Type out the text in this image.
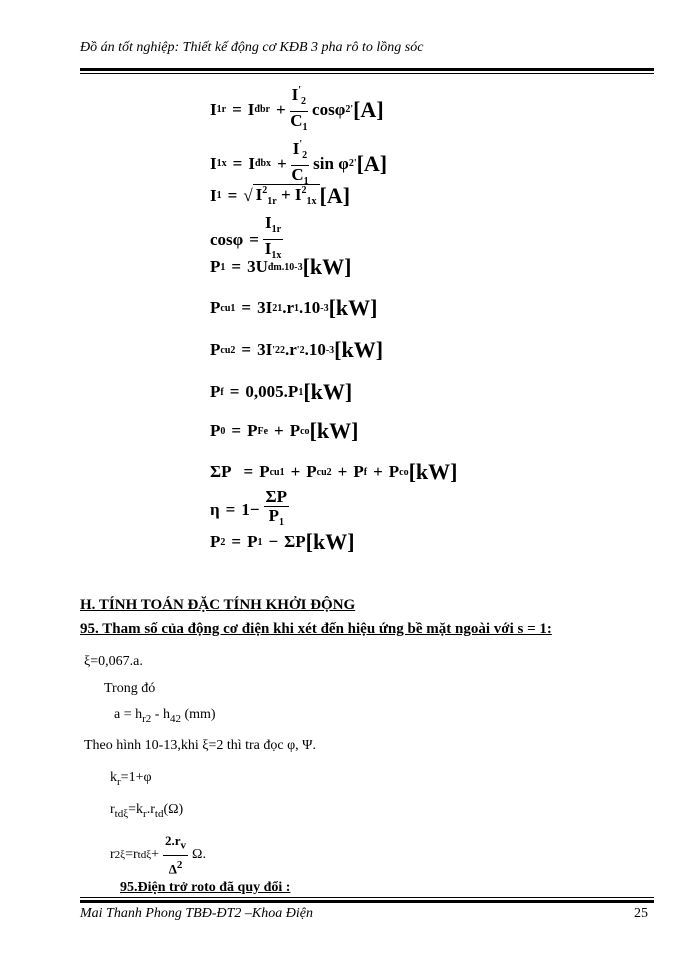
Đồ án tốt nghiệp: Thiết kế động cơ KĐB 3 pha rô to lồng sóc
I 1r = I đbr + $\frac{I'_2}{C_1}$ cosφ 2 ' [A]
I 1x = I đbx + $\frac{I'_2}{C_1}$ sin φ 2 ' [A]
I 1 = √ $I^2_{1r} + I^2_{1x}$ [A]
$\cos\varphi = \frac{I_{1r}}{I_{1x}}$
P 1 = 3U đm .10 -3 [kW]
P cu1 = 3I 2 1 .r 1 .10 -3 [kW]
P cu2 = 3I '2 2 .r ' 2 .10 -3 [kW]
P f = 0,005.P 1 [kW]
P 0 = P Fe + P co [kW]
ΣP = P cu1 + P cu2 + P f + P co [kW]
$\eta = 1 - \frac{\Sigma P}{P_1}$
P 2 = P 1 − ΣP [kW]
H. TÍNH TOÁN ĐẶC TÍNH KHỞI ĐỘNG
95. Tham số của động cơ điện khi xét đến hiệu ứng bề mặt ngoài với s = 1:
ξ=0,067.a.
Trong đó
$a = h_{r2} - h_{42}$ (mm)
Theo hình 10-13,khi ξ=2 thì tra đọc φ, Ψ.
$k_r=1+\varphi$
$r_{td\xi}=k_r.r_{td}(\Omega)$
r 2ξ =r $td\xi + \frac{2.r_v}{\Delta^2} \Omega$.
95.Điện trở roto đã quy đổi :
Mai Thanh Phong TBĐ-ĐT2 –Khoa Điện	25
